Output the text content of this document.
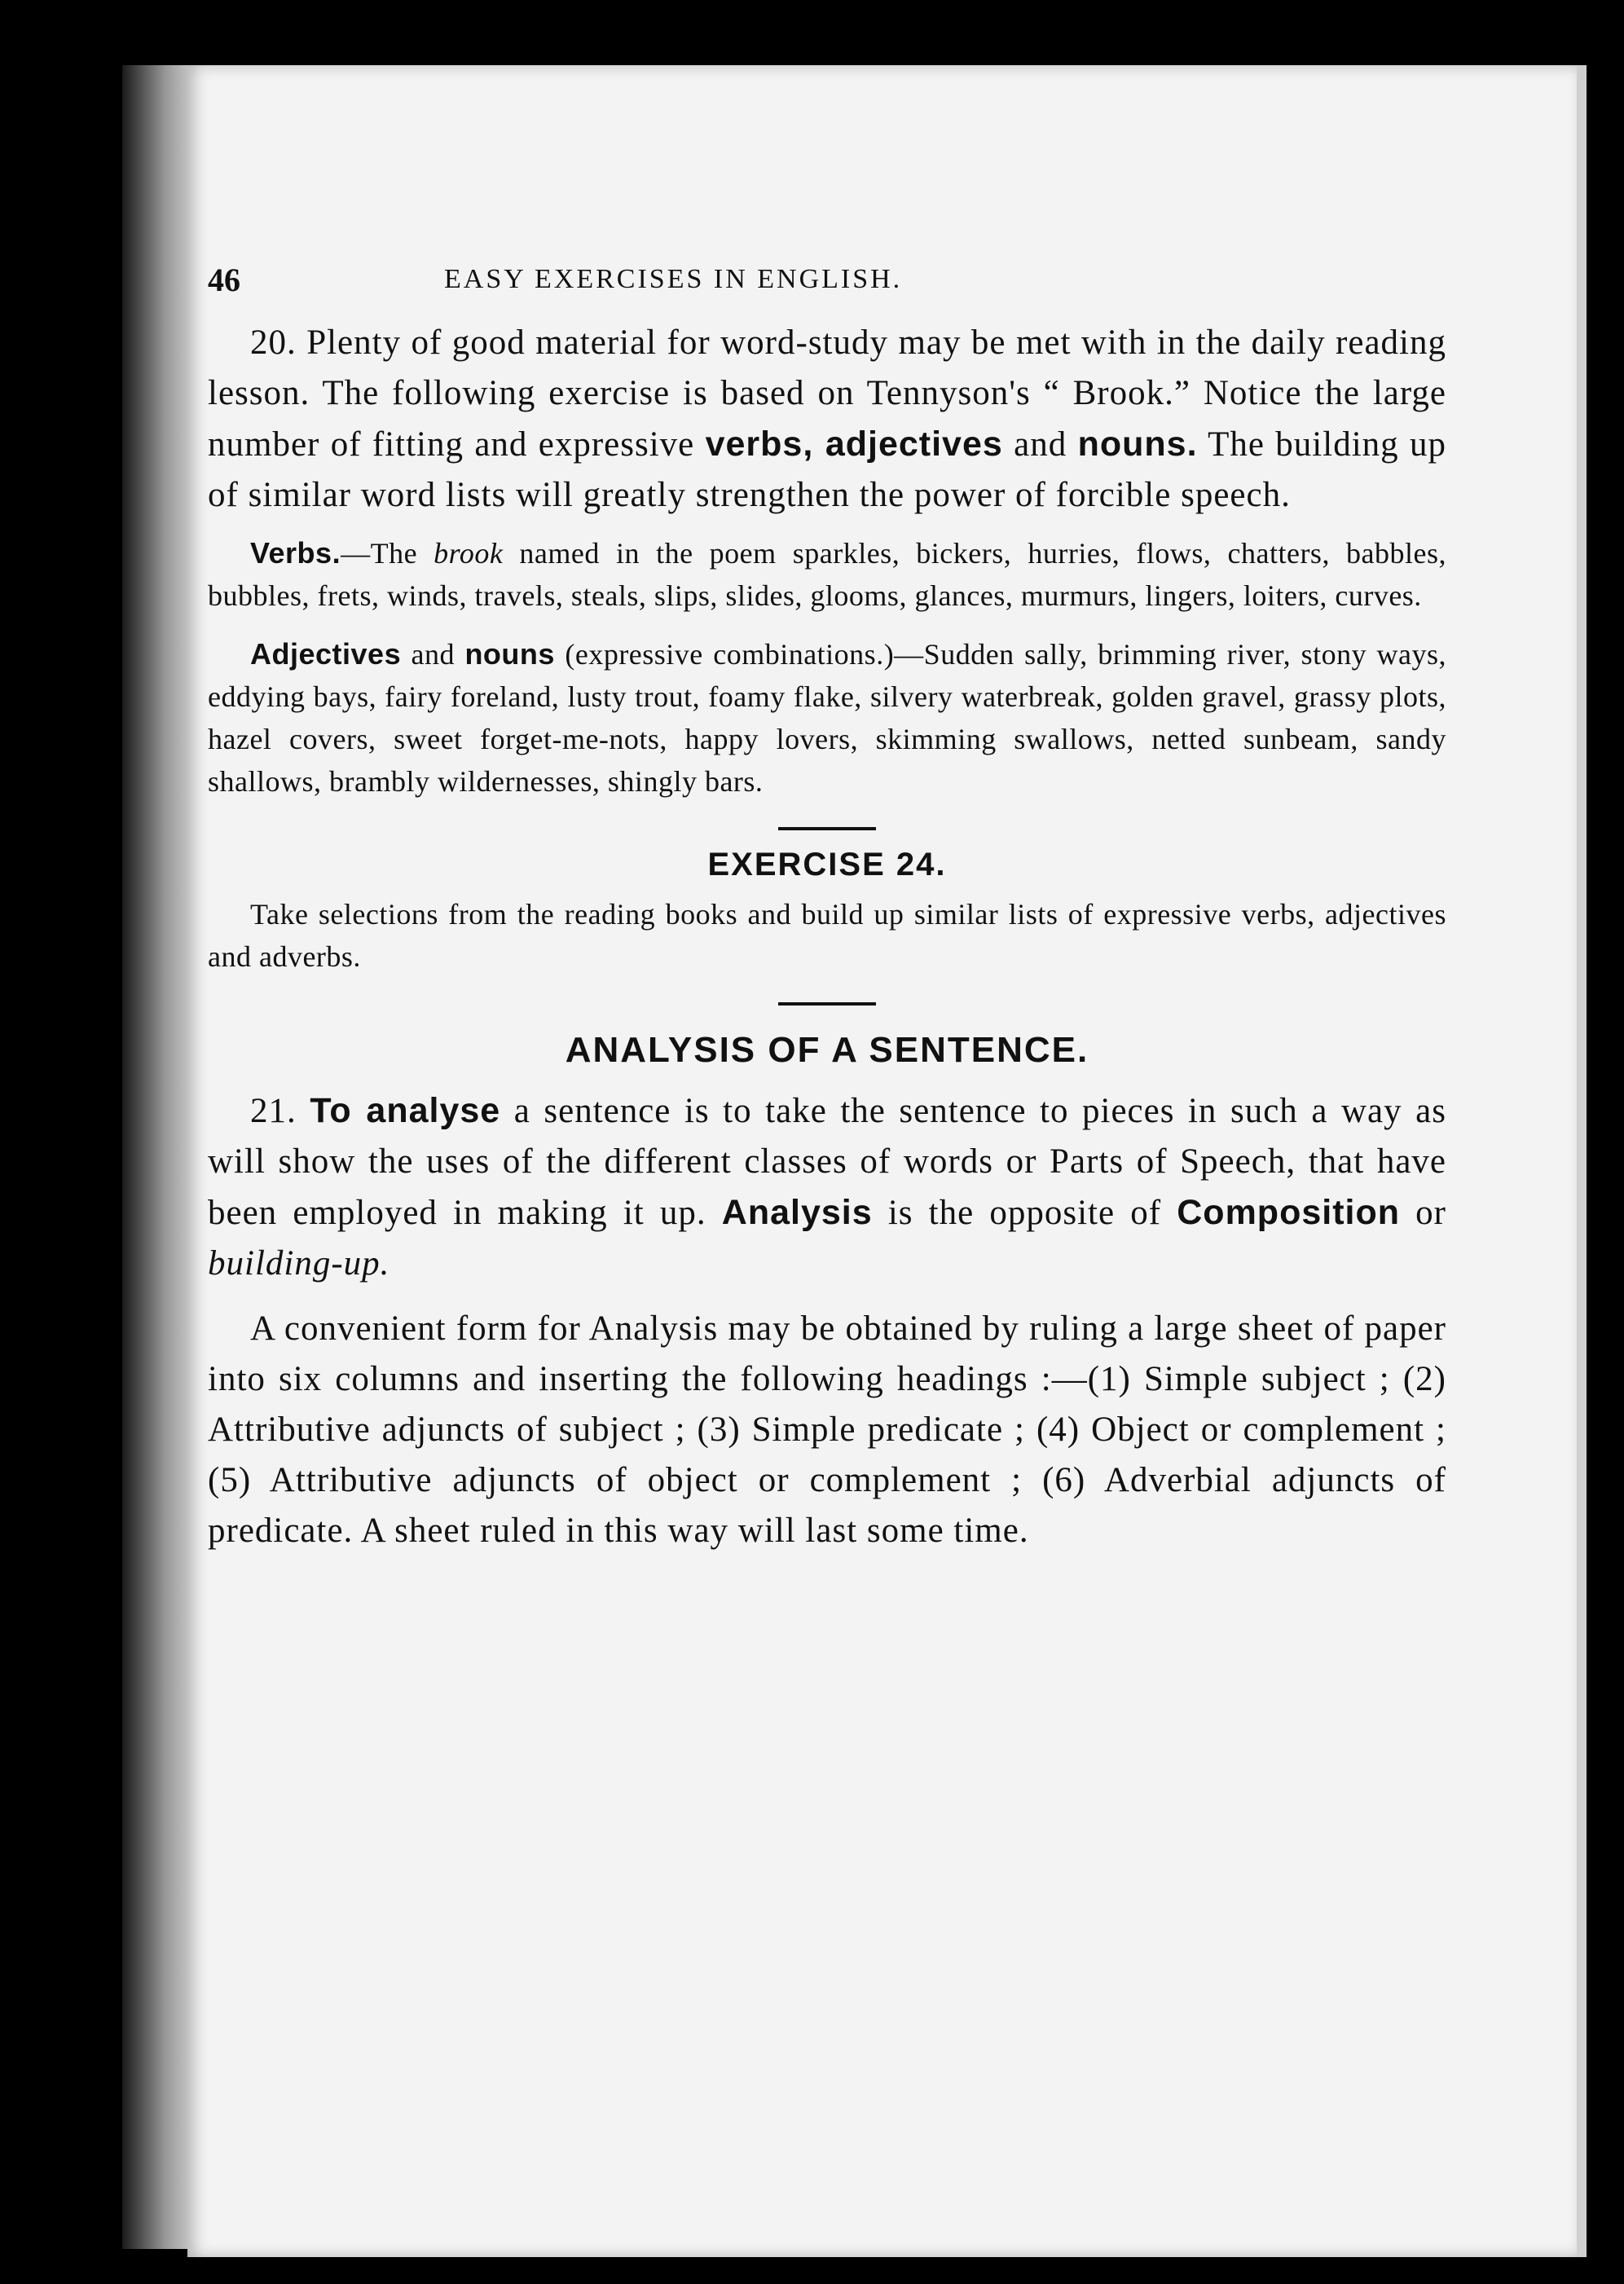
46	EASY EXERCISES IN ENGLISH.

20. Plenty of good material for word-study may be met with in the daily reading lesson. The following exercise is based on Tennyson's “ Brook.” Notice the large number of fitting and expressive verbs, adjectives and nouns. The building up of similar word lists will greatly strengthen the power of forcible speech.

Verbs.—The brook named in the poem sparkles, bickers, hurries, flows, chatters, babbles, bubbles, frets, winds, travels, steals, slips, slides, glooms, glances, murmurs, lingers, loiters, curves.

Adjectives and nouns (expressive combinations.)—Sudden sally, brimming river, stony ways, eddying bays, fairy foreland, lusty trout, foamy flake, silvery waterbreak, golden gravel, grassy plots, hazel covers, sweet forget-me-nots, happy lovers, skimming swallows, netted sunbeam, sandy shallows, brambly wildernesses, shingly bars.

EXERCISE 24.

Take selections from the reading books and build up similar lists of expressive verbs, adjectives and adverbs.

ANALYSIS OF A SENTENCE.

21. To analyse a sentence is to take the sentence to pieces in such a way as will show the uses of the different classes of words or Parts of Speech, that have been employed in making it up. Analysis is the opposite of Composition or building-up.

A convenient form for Analysis may be obtained by ruling a large sheet of paper into six columns and inserting the following headings :—(1) Simple subject ; (2) Attributive adjuncts of subject ; (3) Simple predicate ; (4) Object or complement ; (5) Attributive adjuncts of object or complement ; (6) Adverbial adjuncts of predicate. A sheet ruled in this way will last some time.
